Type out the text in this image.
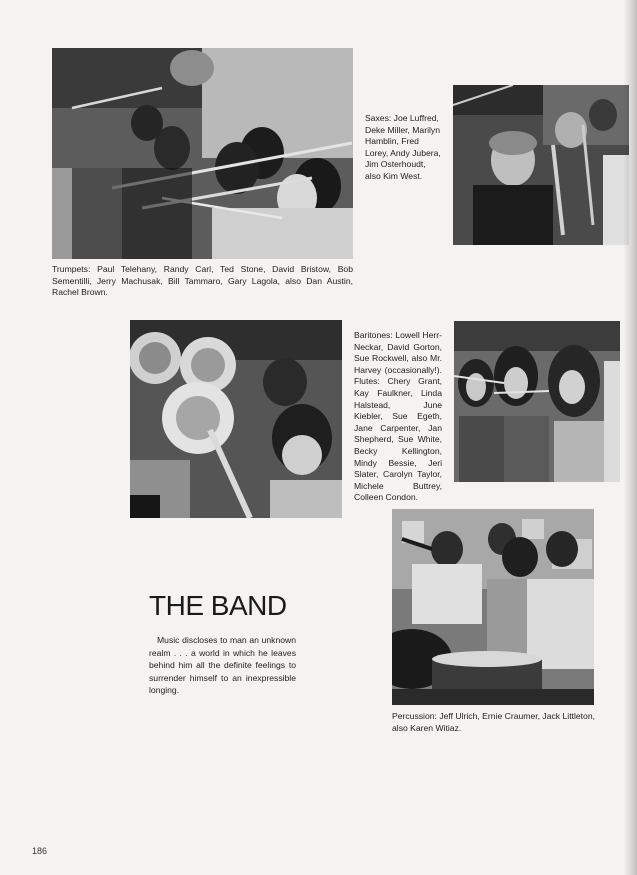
Trumpets: Paul Telehany, Randy Carl, Ted Stone, David Bristow, Bob Sementilli, Jerry Machusak, Bill Tammaro, Gary Lagola, also Dan Austin, Rachel Brown.

Saxes: Joe Luffred, Deke Miller, Marilyn Hamblin, Fred Lorey, Andy Jubera, Jim Osterhoudt, also Kim West.

Baritones: Lowell Herr-Neckar, David Gorton, Sue Rockwell, also Mr. Harvey (occasionally!). Flutes: Chery Grant, Kay Faulkner, Linda Halstead, June Kiebler, Sue Egeth, Jane Carpenter, Jan Shepherd, Sue White, Becky Kellington, Mindy Bessie, Jeri Slater, Carolyn Taylor, Michele Buttrey, Colleen Condon.

Percussion: Jeff Ulrich, Ernie Craumer, Jack Littleton, also Karen Witiaz.

THE BAND

Music discloses to man an unknown realm . . . a world in which he leaves behind him all the definite feelings to surrender himself to an inexpressible longing.

186
